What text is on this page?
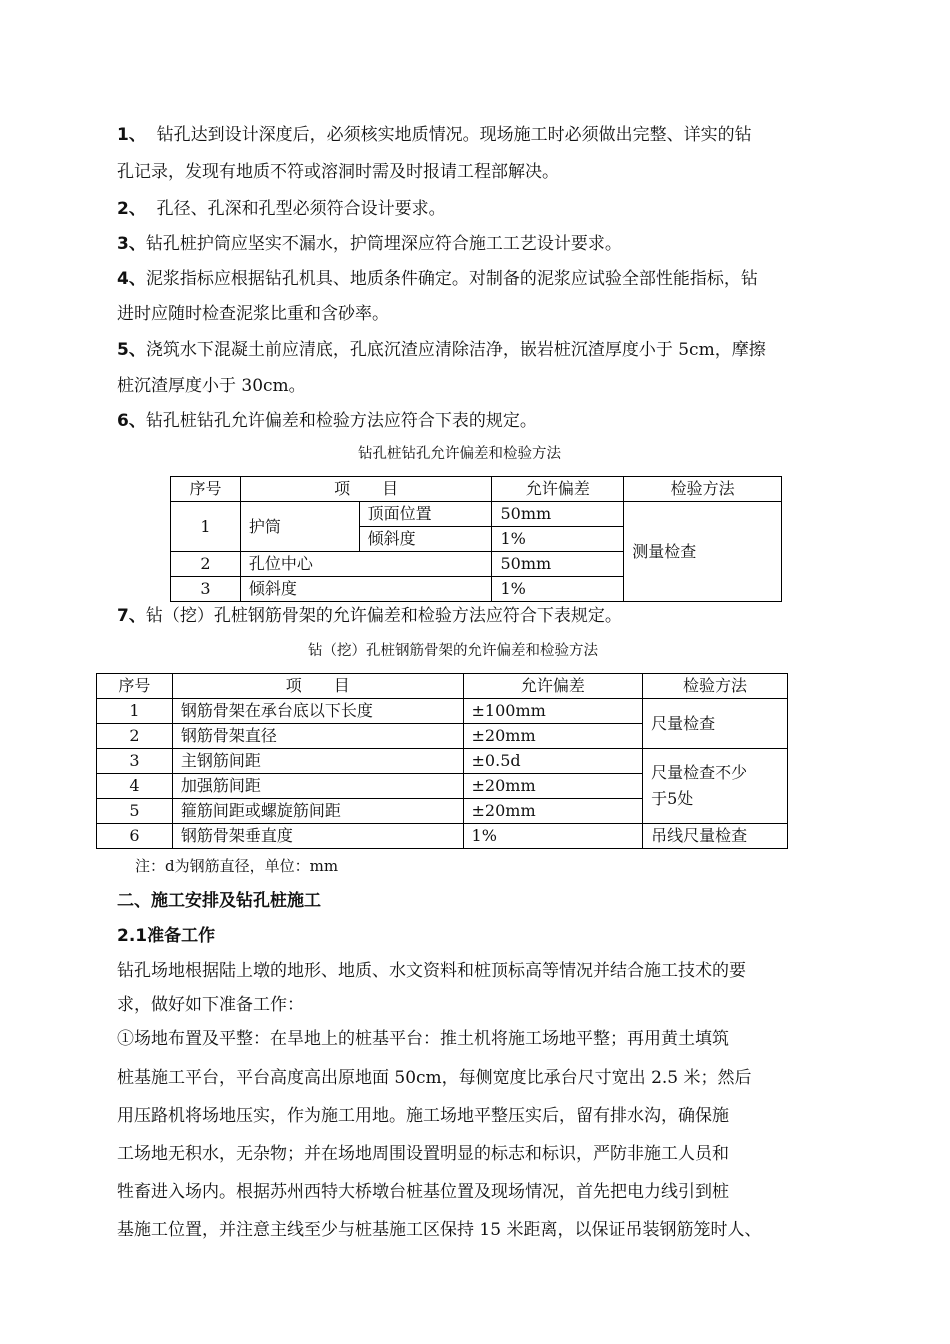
1、 钻孔达到设计深度后，必须核实地质情况。现场施工时必须做出完整、详实的钻
孔记录，发现有地质不符或溶洞时需及时报请工程部解决。
2、 孔径、孔深和孔型必须符合设计要求。
3、钻孔桩护筒应坚实不漏水，护筒埋深应符合施工工艺设计要求。
4、泥浆指标应根据钻孔机具、地质条件确定。对制备的泥浆应试验全部性能指标，钻
进时应随时检查泥浆比重和含砂率。
5、浇筑水下混凝土前应清底，孔底沉渣应清除洁净，嵌岩桩沉渣厚度小于 5cm，摩擦
桩沉渣厚度小于 30cm。
6、钻孔桩钻孔允许偏差和检验方法应符合下表的规定。
钻孔桩钻孔允许偏差和检验方法
序号	项　　目		允许偏差	检验方法
1	护筒	顶面位置	50mm	测量检查
		倾斜度	1%	
2	孔位中心		50mm	
3	倾斜度		1%	
7、钻（挖）孔桩钢筋骨架的允许偏差和检验方法应符合下表规定。
钻（挖）孔桩钢筋骨架的允许偏差和检验方法
序号	项　　目	允许偏差	检验方法
1	钢筋骨架在承台底以下长度	±100mm	尺量检查
2	钢筋骨架直径	±20mm	
3	主钢筋间距	±0.5d	尺量检查不少
于5处

4	加强筋间距	±20mm	
5	箍筋间距或螺旋筋间距	±20mm	
6	钢筋骨架垂直度	1%	吊线尺量检查
注：d为钢筋直径，单位：mm
二、施工安排及钻孔桩施工
2.1准备工作
钻孔场地根据陆上墩的地形、地质、水文资料和桩顶标高等情况并结合施工技术的要
求，做好如下准备工作：
①场地布置及平整：在旱地上的桩基平台：推土机将施工场地平整；再用黄土填筑
桩基施工平台，平台高度高出原地面 50cm，每侧宽度比承台尺寸宽出 2.5 米；然后
用压路机将场地压实，作为施工用地。施工场地平整压实后，留有排水沟，确保施
工场地无积水，无杂物；并在场地周围设置明显的标志和标识，严防非施工人员和
牲畜进入场内。根据苏州西特大桥墩台桩基位置及现场情况，首先把电力线引到桩
基施工位置，并注意主线至少与桩基施工区保持 15 米距离，以保证吊装钢筋笼时人、
